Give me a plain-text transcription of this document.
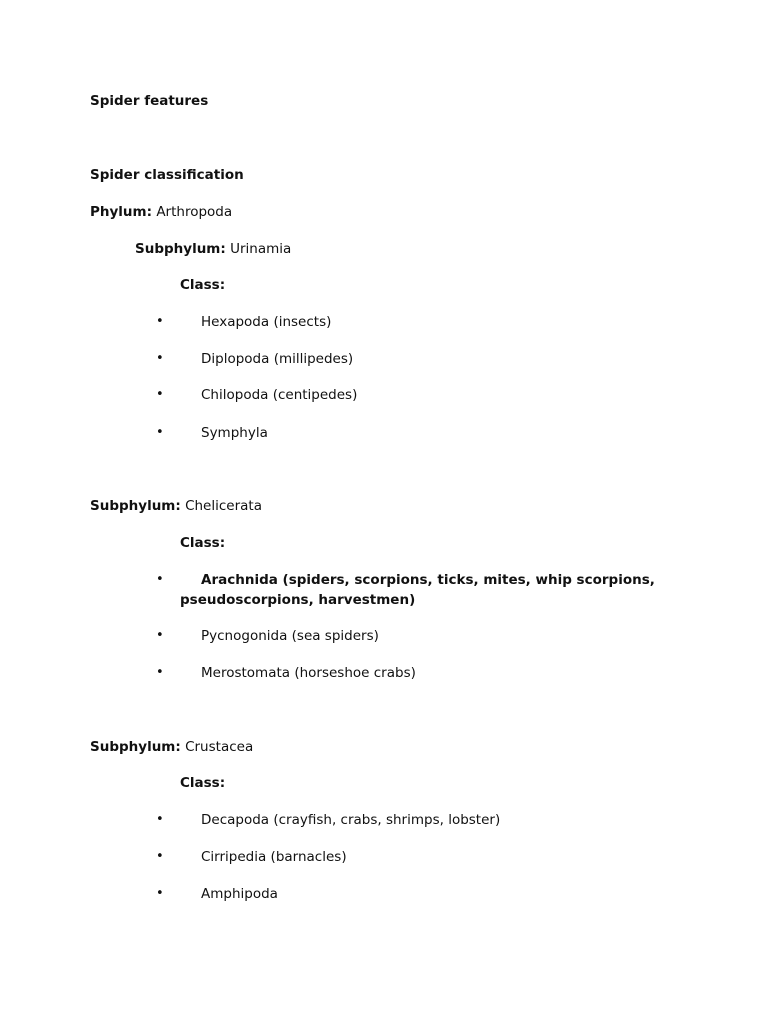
Spider features
Spider classification
Phylum: Arthropoda
Subphylum: Urinamia
Class:
•	Hexapoda (insects)
•	Diplopoda (millipedes)
•	Chilopoda (centipedes)
•	Symphyla
Subphylum: Chelicerata
Class:
•	Arachnida (spiders, scorpions, ticks, mites, whip scorpions,
pseudoscorpions, harvestmen)
•	Pycnogonida (sea spiders)
•	Merostomata (horseshoe crabs)
Subphylum: Crustacea
Class:
•	Decapoda (crayfish, crabs, shrimps, lobster)
•	Cirripedia (barnacles)
•	Amphipoda
